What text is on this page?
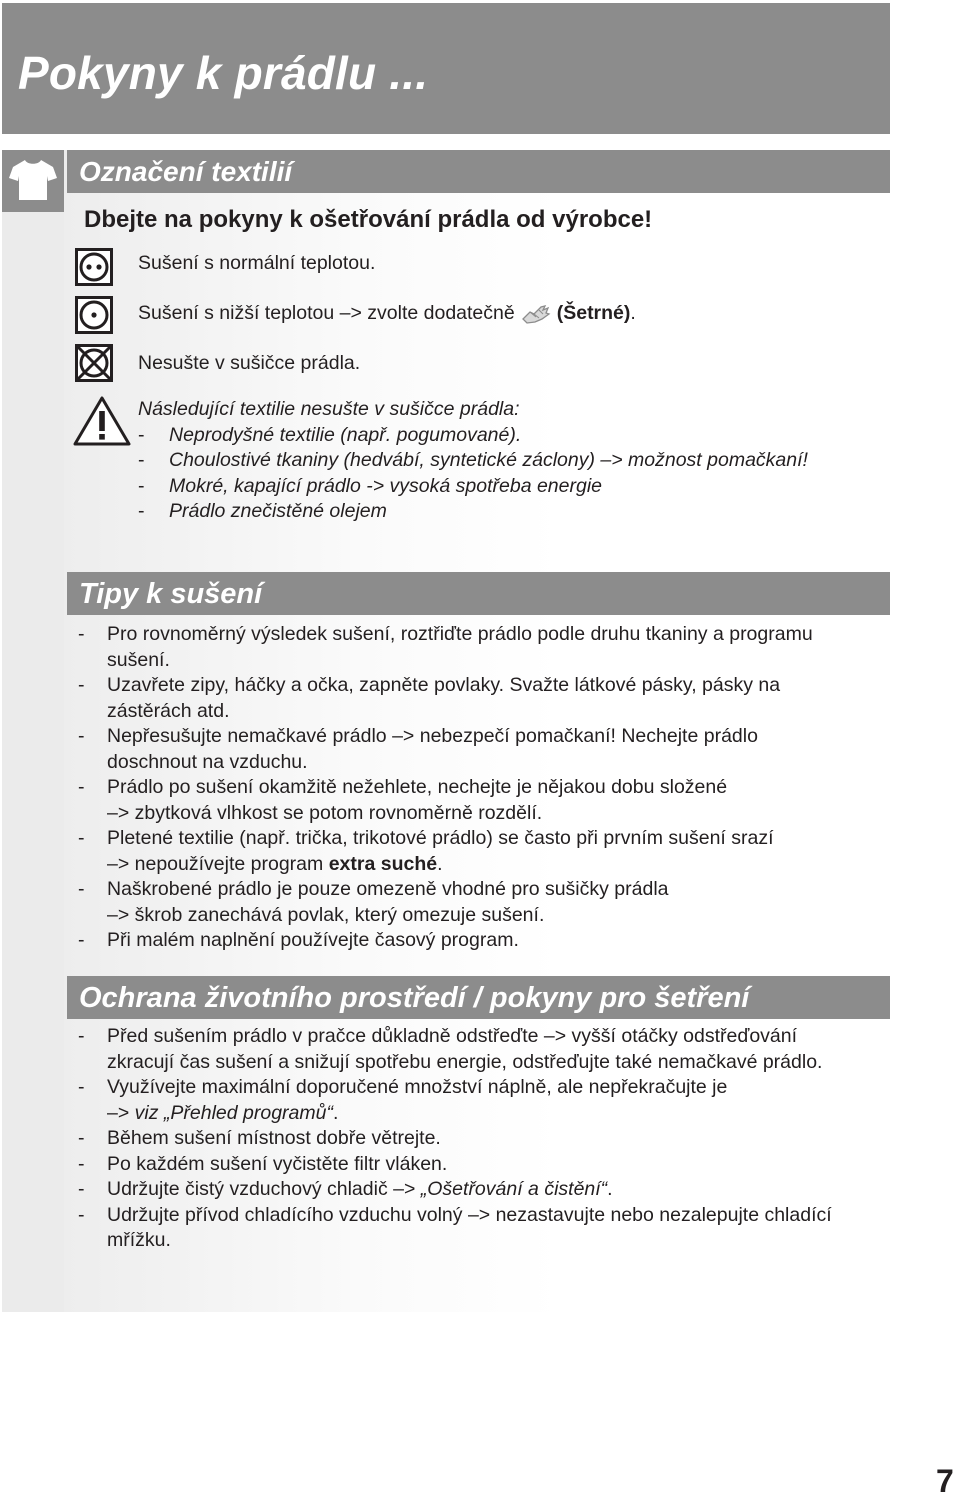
Pokyny k prádlu ...
Označení textilií

Dbejte na pokyny k ošetřování prádla od výrobce!

Sušení s normální teplotou.
Sušení s nižší teplotou –> zvolte dodatečně (Šetrné).
Nesušte v sušičce prádla.
Následující textilie nesušte v sušičce prádla:
- Neprodyšné textilie (např. pogumované).
- Choulostivé tkaniny (hedvábí, syntetické záclony) –> možnost pomačkaní!
- Mokré, kapající prádlo -> vysoká spotřeba energie
- Prádlo znečistěné olejem
Tipy k sušení
- Pro rovnoměrný výsledek sušení, roztřiďte prádlo podle druhu tkaniny a programu
sušení.
- Uzavřete zipy, háčky a očka, zapněte povlaky. Svažte látkové pásky, pásky na
zástěrách atd.
- Nepřesušujte nemačkavé prádlo –> nebezpečí pomačkaní! Nechejte prádlo
doschnout na vzduchu.
- Prádlo po sušení okamžitě nežehlete, nechejte je nějakou dobu složené
–> zbytková vlhkost se potom rovnoměrně rozdělí.
- Pletené textilie (např. trička, trikotové prádlo) se často při prvním sušení srazí
–> nepoužívejte program extra suché.
- Naškrobené prádlo je pouze omezeně vhodné pro sušičky prádla
–> škrob zanechává povlak, který omezuje sušení.
- Při malém naplnění používejte časový program.
Ochrana životního prostředí / pokyny pro šetření
- Před sušením prádlo v pračce důkladně odstřeďte –> vyšší otáčky odstřeďování
zkracují čas sušení a snižují spotřebu energie, odstřeďujte také nemačkavé prádlo.
- Využívejte maximální doporučené množství náplně, ale nepřekračujte je
–> viz „Přehled programů“.
- Během sušení místnost dobře větrejte.
- Po každém sušení vyčistěte filtr vláken.
- Udržujte čistý vzduchový chladič –> „Ošetřování a čistění“.
- Udržujte přívod chladícího vzduchu volný –> nezastavujte nebo nezalepujte chladící
mřížku.
7
